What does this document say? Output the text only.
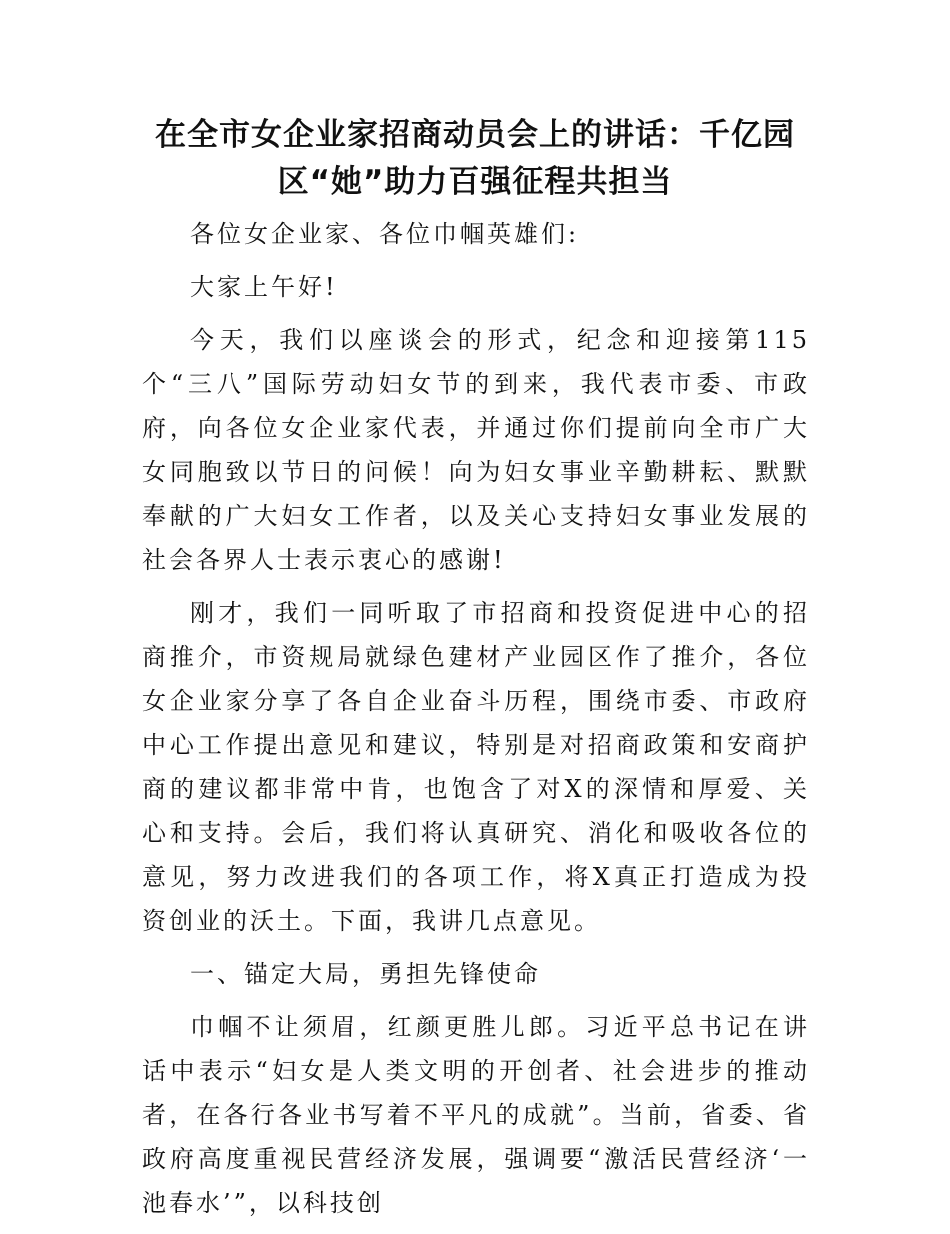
在全市女企业家招商动员会上的讲话：千亿园区“她”助力百强征程共担当

各位女企业家、各位巾帼英雄们:

大家上午好!

今天，我们以座谈会的形式，纪念和迎接第115个“三八”国际劳动妇女节的到来，我代表市委、市政府，向各位女企业家代表，并通过你们提前向全市广大女同胞致以节日的问候！向为妇女事业辛勤耕耘、默默奉献的广大妇女工作者，以及关心支持妇女事业发展的社会各界人士表示衷心的感谢!

刚才，我们一同听取了市招商和投资促进中心的招商推介，市资规局就绿色建材产业园区作了推介，各位女企业家分享了各自企业奋斗历程，围绕市委、市政府中心工作提出意见和建议，特别是对招商政策和安商护商的建议都非常中肯，也饱含了对X的深情和厚爱、关心和支持。会后，我们将认真研究、消化和吸收各位的意见，努力改进我们的各项工作，将X真正打造成为投资创业的沃土。下面，我讲几点意见。

一、锚定大局，勇担先锋使命

巾帼不让须眉，红颜更胜儿郎。习近平总书记在讲话中表示“妇女是人类文明的开创者、社会进步的推动者，在各行各业书写着不平凡的成就”。当前，省委、省政府高度重视民营经济发展，强调要“激活民营经济‘一池春水’”，以科技创
